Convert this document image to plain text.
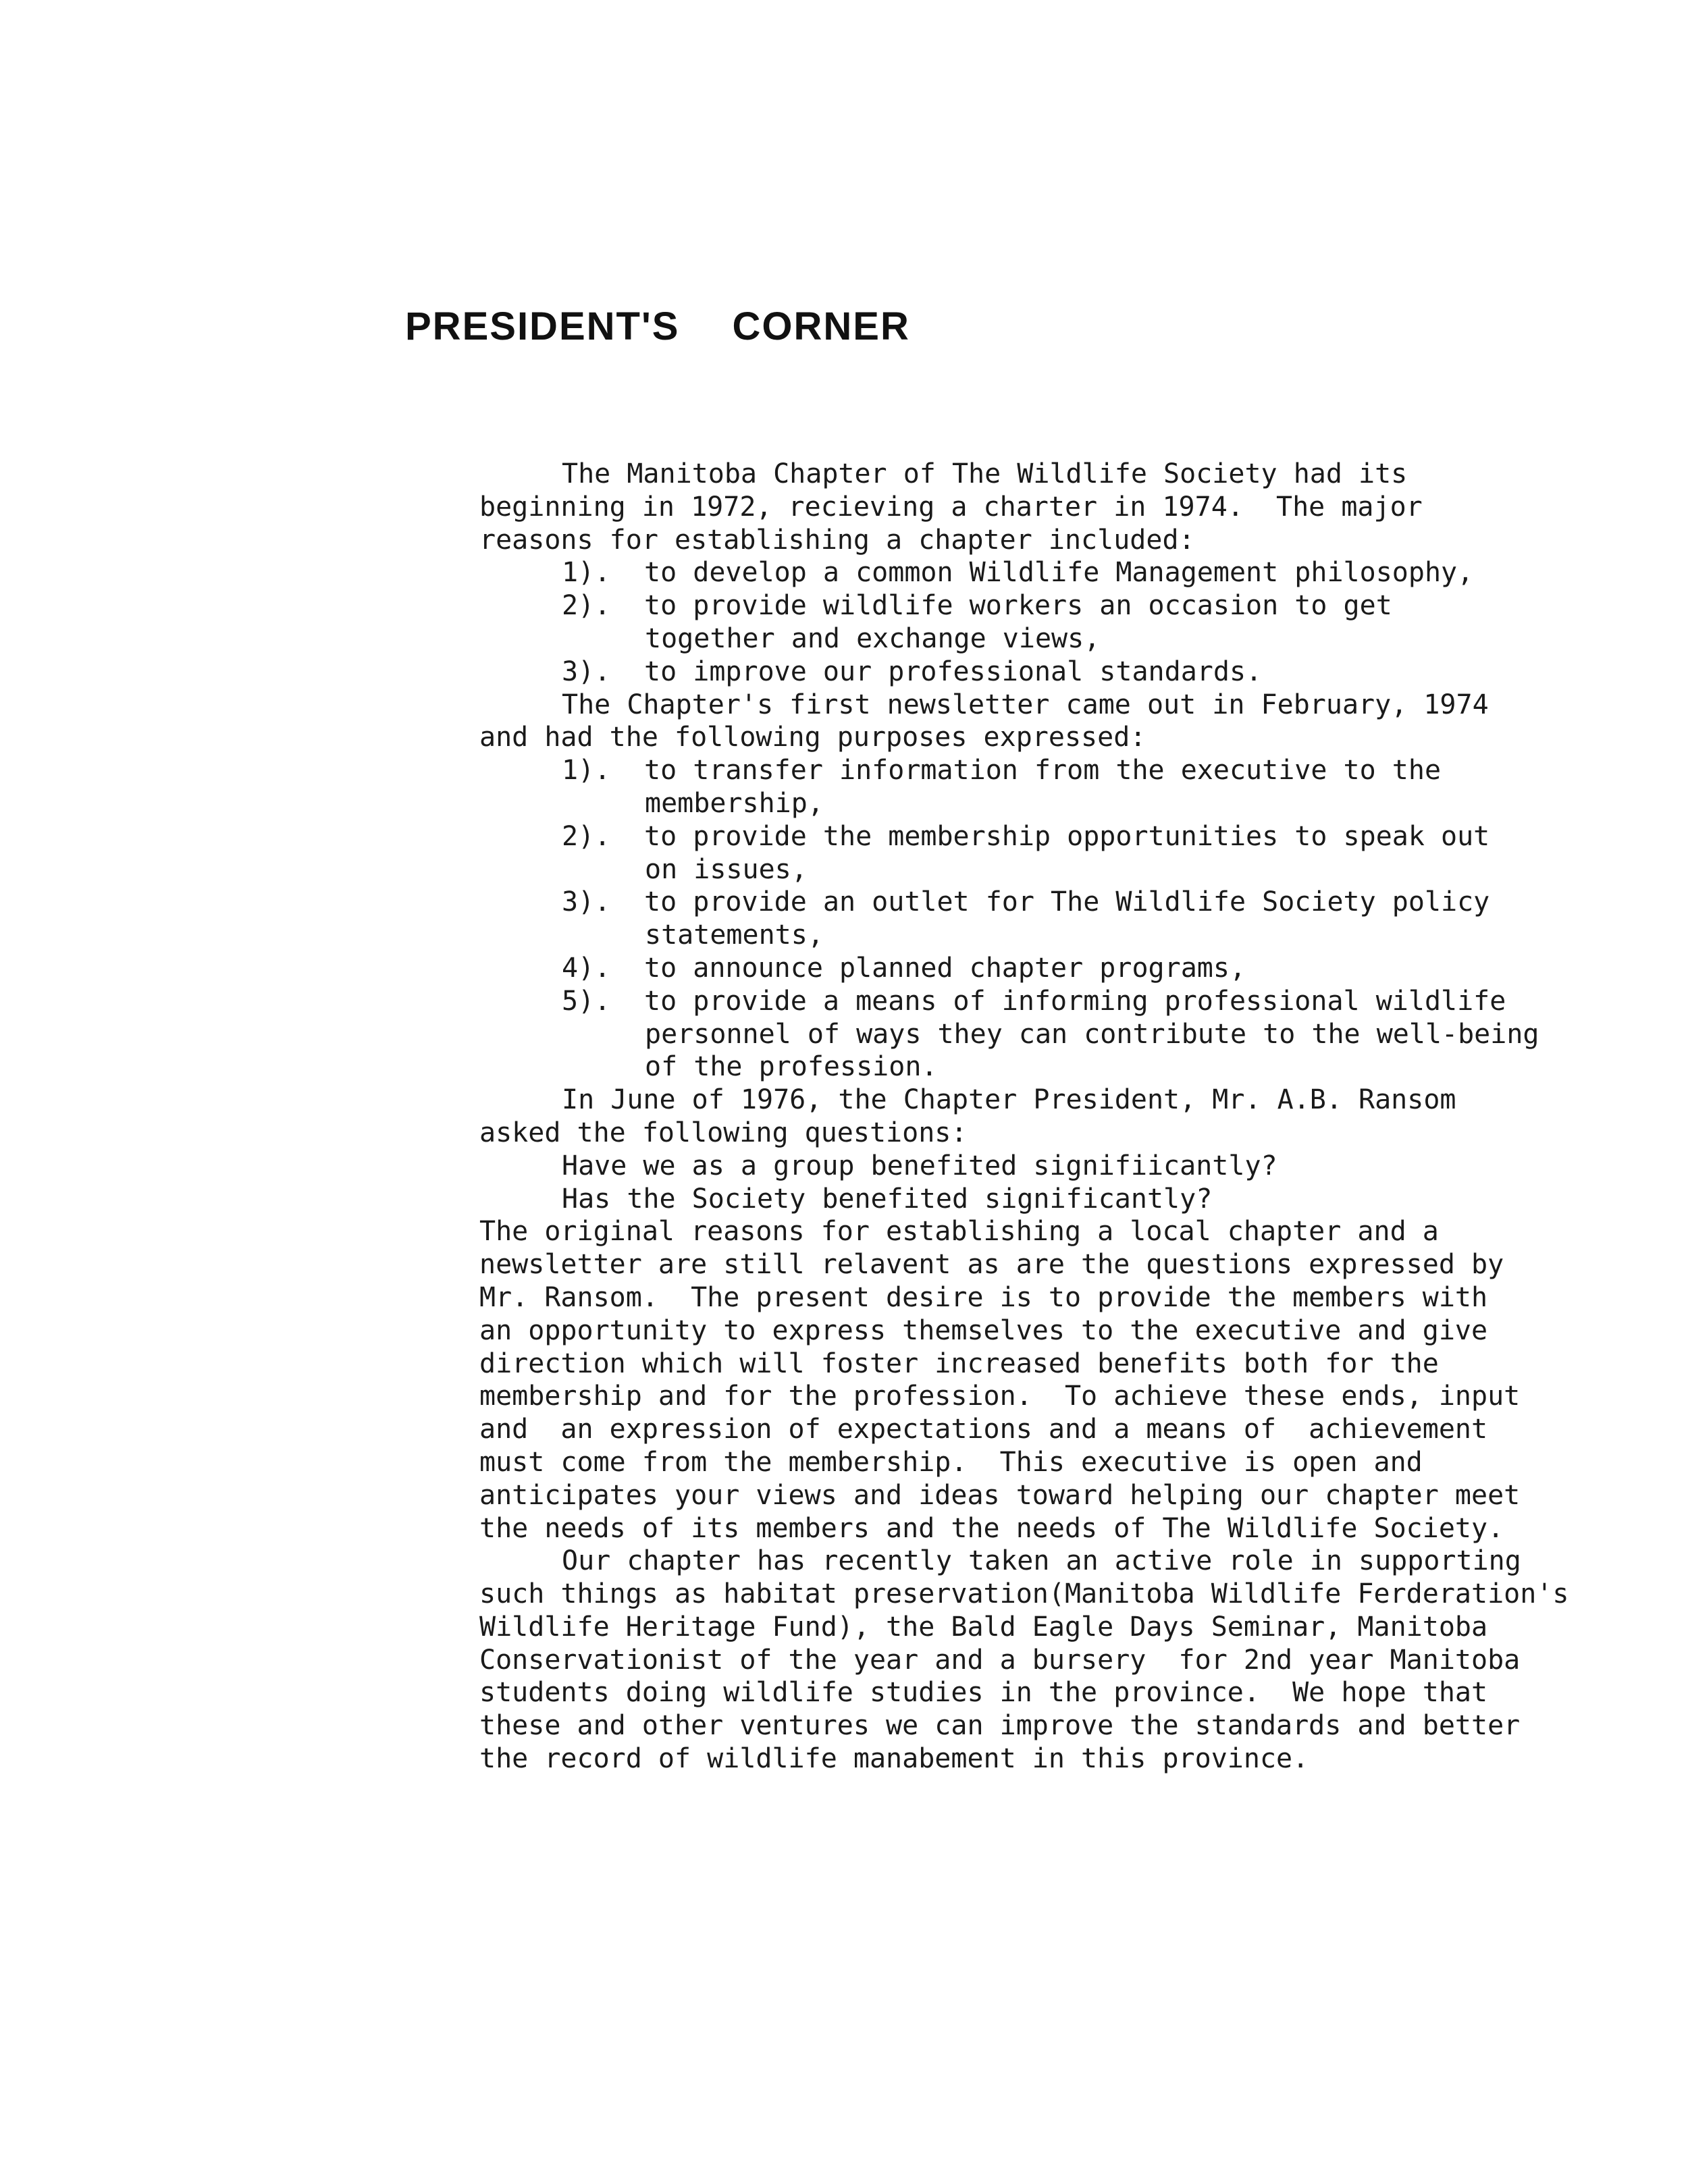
PRESIDENT'S CORNER
The Manitoba Chapter of The Wildlife Society had its
beginning in 1972, recieving a charter in 1974.  The major
reasons for establishing a chapter included:
1). to develop a common Wildlife Management philosophy,
2). to provide wildlife workers an occasion to get
together and exchange views,
3). to improve our professional standards.
The Chapter's first newsletter came out in February, 1974
and had the following purposes expressed:
1). to transfer information from the executive to the
membership,
2). to provide the membership opportunities to speak out
on issues,
3). to provide an outlet for The Wildlife Society policy
statements,
4). to announce planned chapter programs,
5). to provide a means of informing professional wildlife
personnel of ways they can contribute to the well-being
of the profession.
In June of 1976, the Chapter President, Mr. A.B. Ransom
asked the following questions:
Have we as a group benefited signifiicantly?
Has the Society benefited significantly?
The original reasons for establishing a local chapter and a
newsletter are still relavent as are the questions expressed by
Mr. Ransom.  The present desire is to provide the members with
an opportunity to express themselves to the executive and give
direction which will foster increased benefits both for the
membership and for the profession.  To achieve these ends, input
and  an expression of expectations and a means of  achievement
must come from the membership.  This executive is open and
anticipates your views and ideas toward helping our chapter meet
the needs of its members and the needs of The Wildlife Society.
Our chapter has recently taken an active role in supporting
such things as habitat preservation(Manitoba Wildlife Ferderation's
Wildlife Heritage Fund), the Bald Eagle Days Seminar, Manitoba
Conservationist of the year and a bursery  for 2nd year Manitoba
students doing wildlife studies in the province.  We hope that
these and other ventures we can improve the standards and better
the record of wildlife manabement in this province.
